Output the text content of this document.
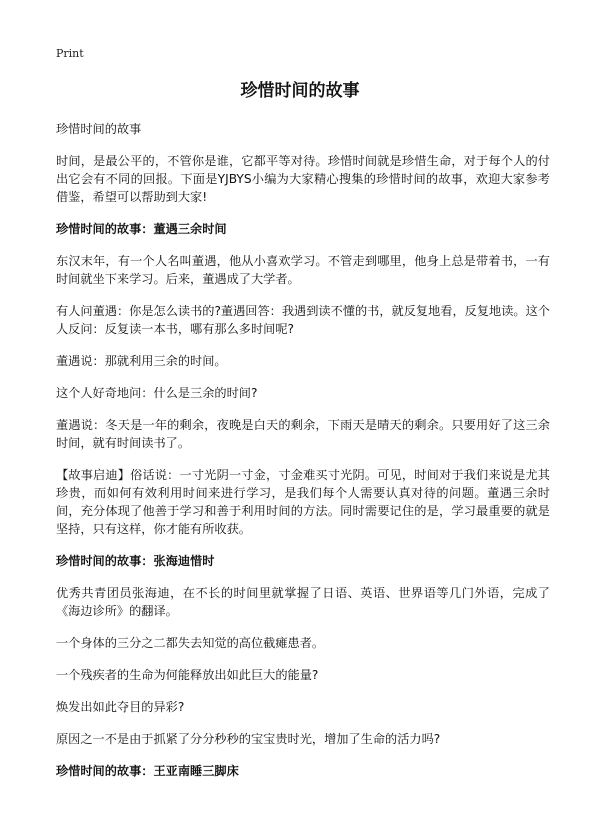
Print
珍惜时间的故事

珍惜时间的故事

时间，是最公平的，不管你是谁，它都平等对待。珍惜时间就是珍惜生命，对于每个人的付出它会有不同的回报。下面是YJBYS小编为大家精心搜集的珍惜时间的故事，欢迎大家参考借鉴，希望可以帮助到大家!

珍惜时间的故事：董遇三余时间

东汉末年，有一个人名叫董遇，他从小喜欢学习。不管走到哪里，他身上总是带着书，一有时间就坐下来学习。后来，董遇成了大学者。

有人问董遇：你是怎么读书的?董遇回答：我遇到读不懂的书，就反复地看，反复地读。这个人反问：反复读一本书，哪有那么多时间呢?

董遇说：那就利用三余的时间。

这个人好奇地问：什么是三余的时间?

董遇说：冬天是一年的剩余，夜晚是白天的剩余，下雨天是晴天的剩余。只要用好了这三余时间，就有时间读书了。

【故事启迪】俗话说：一寸光阴一寸金，寸金难买寸光阴。可见，时间对于我们来说是尤其珍贵，而如何有效利用时间来进行学习，是我们每个人需要认真对待的问题。董遇三余时间，充分体现了他善于学习和善于利用时间的方法。同时需要记住的是，学习最重要的就是坚持，只有这样，你才能有所收获。

珍惜时间的故事：张海迪惜时

优秀共青团员张海迪，在不长的时间里就掌握了日语、英语、世界语等几门外语，完成了《海边诊所》的翻译。

一个身体的三分之二都失去知觉的高位截瘫患者。

一个残疾者的生命为何能释放出如此巨大的能量?

焕发出如此夺目的异彩?

原因之一不是由于抓紧了分分秒秒的宝宝贵时光，增加了生命的活力吗?

珍惜时间的故事：王亚南睡三脚床
